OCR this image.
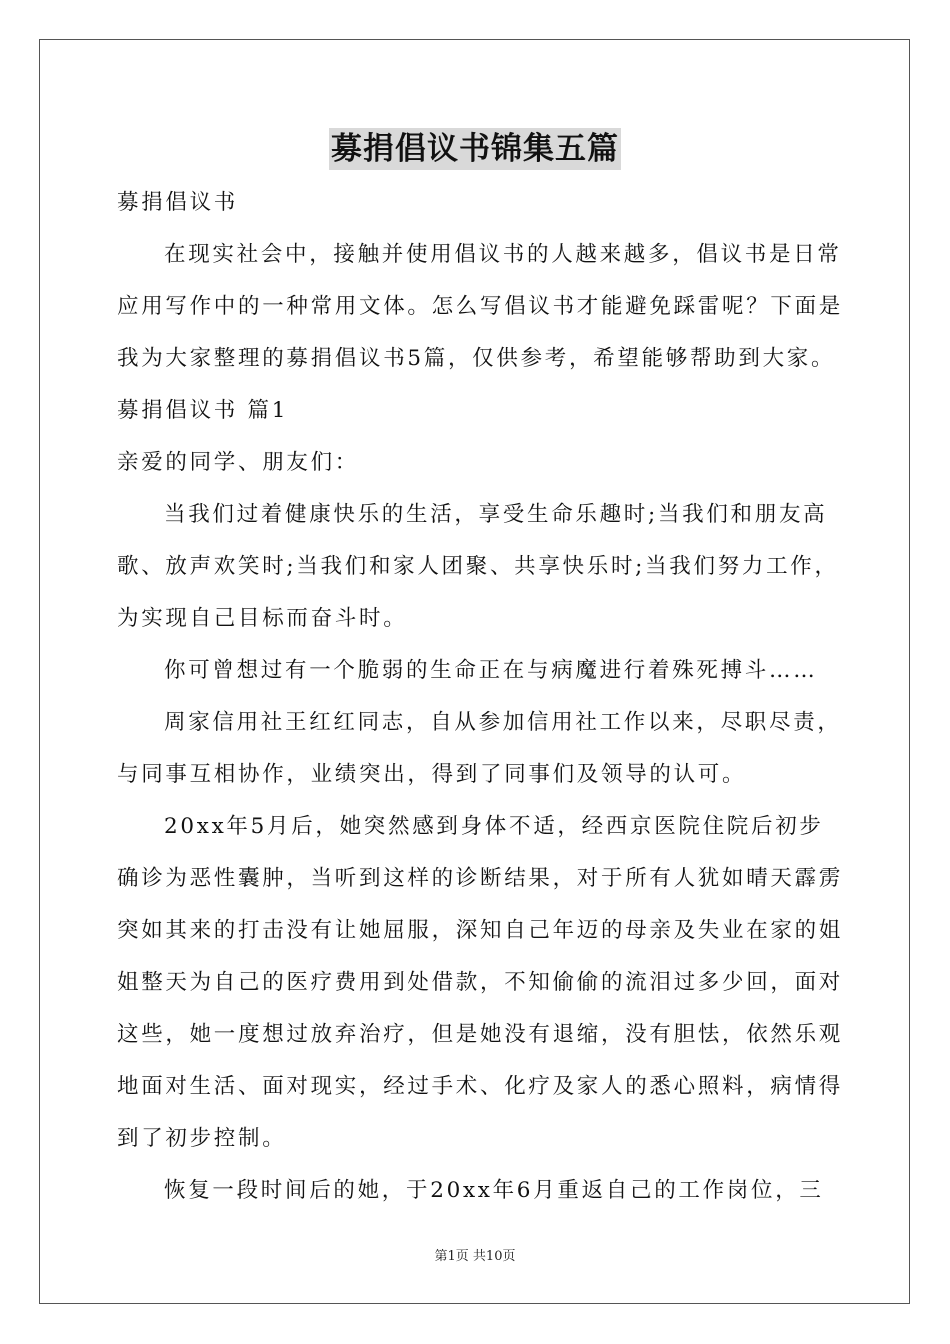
募捐倡议书锦集五篇
募捐倡议书
在现实社会中，接触并使用倡议书的人越来越多，倡议书是日常
应用写作中的一种常用文体。怎么写倡议书才能避免踩雷呢？下面是
我为大家整理的募捐倡议书5篇，仅供参考，希望能够帮助到大家。
募捐倡议书 篇1
亲爱的同学、朋友们：
当我们过着健康快乐的生活，享受生命乐趣时;当我们和朋友高
歌、放声欢笑时;当我们和家人团聚、共享快乐时;当我们努力工作，
为实现自己目标而奋斗时。
你可曾想过有一个脆弱的生命正在与病魔进行着殊死搏斗……
周家信用社王红红同志，自从参加信用社工作以来，尽职尽责，
与同事互相协作，业绩突出，得到了同事们及领导的认可。
20xx年5月后，她突然感到身体不适，经西京医院住院后初步
确诊为恶性囊肿，当听到这样的诊断结果，对于所有人犹如晴天霹雳
突如其来的打击没有让她屈服，深知自己年迈的母亲及失业在家的姐
姐整天为自己的医疗费用到处借款，不知偷偷的流泪过多少回，面对
这些，她一度想过放弃治疗，但是她没有退缩，没有胆怯，依然乐观
地面对生活、面对现实，经过手术、化疗及家人的悉心照料，病情得
到了初步控制。
恢复一段时间后的她，于20xx年6月重返自己的工作岗位，三
第1页 共10页
